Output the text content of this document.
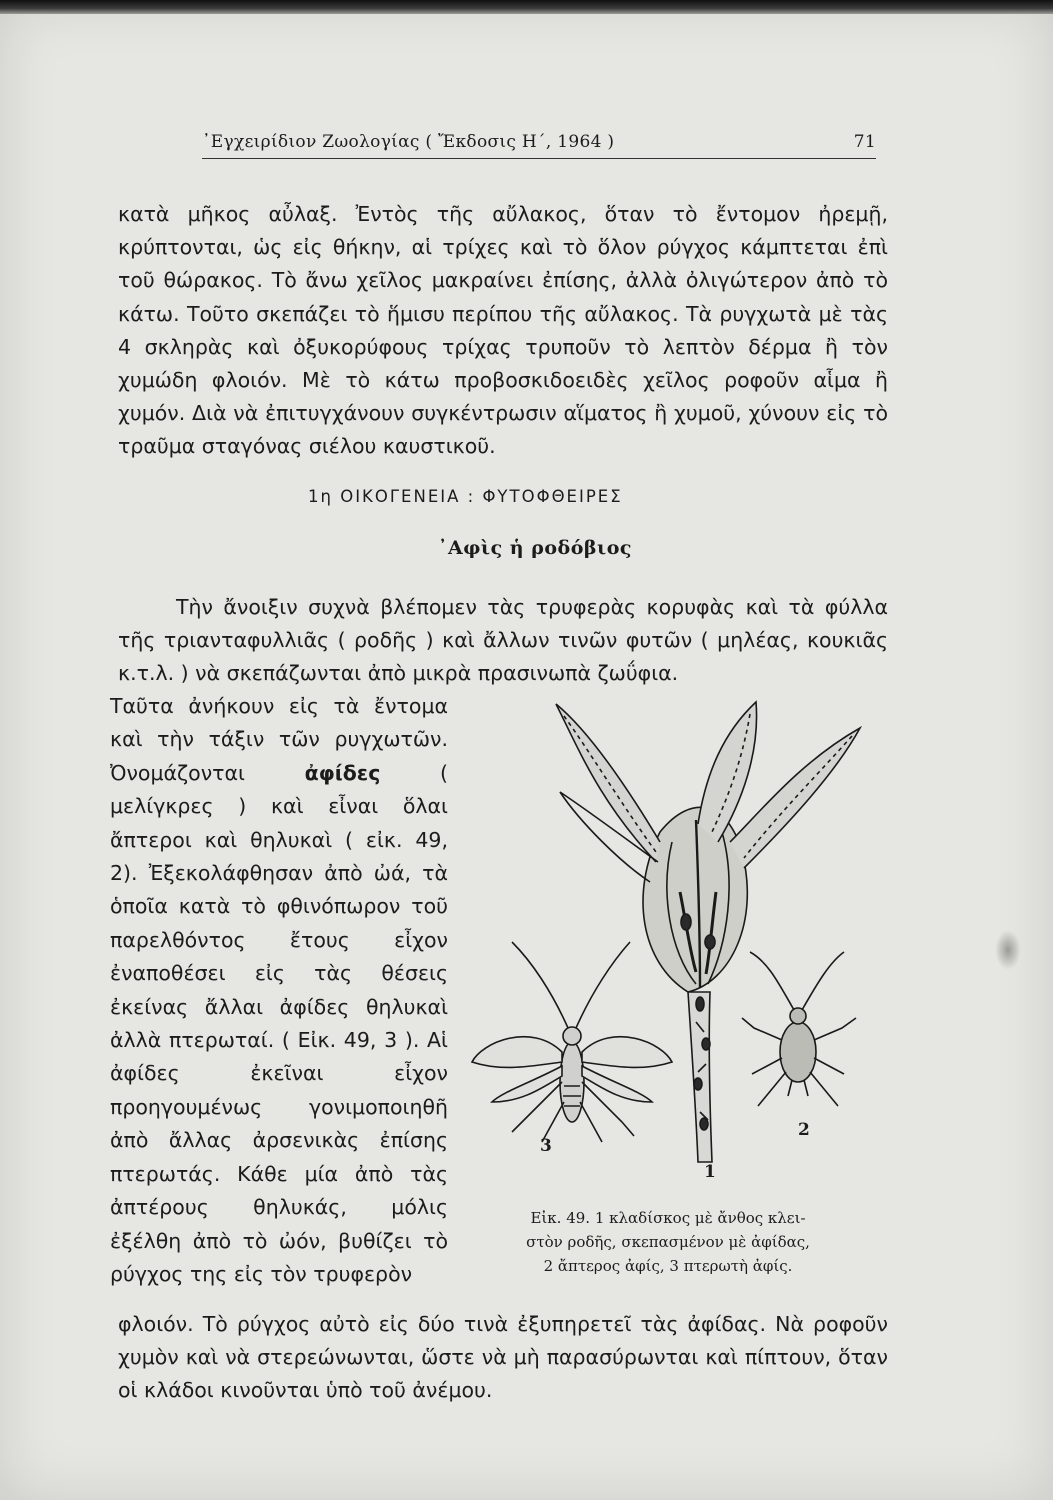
᾿Εγχειρίδιον Ζωολογίας ( Ἔκδοσις Η΄, 1964 )	71
κατὰ μῆκος αὖλαξ. Ἐντὸς τῆς αὔλακος, ὅταν τὸ ἔντομον ἠρεμῇ, κρύπτονται, ὡς εἰς θήκην, αἱ τρίχες καὶ τὸ ὅλον ρύγχος κάμπτεται ἐπὶ τοῦ θώρακος. Τὸ ἄνω χεῖλος μακραίνει ἐπίσης, ἀλλὰ ὀλιγώτερον ἀπὸ τὸ κάτω. Τοῦτο σκεπάζει τὸ ἥμισυ περίπου τῆς αὔλακος. Τὰ ρυγχωτὰ μὲ τὰς 4 σκληρὰς καὶ ὀξυκορύφους τρίχας τρυποῦν τὸ λεπτὸν δέρμα ἢ τὸν χυμώδη φλοιόν. Μὲ τὸ κάτω προβοσκιδοειδὲς χεῖλος ροφοῦν αἷμα ἢ χυμόν. Διὰ νὰ ἐπιτυγχάνουν συγκέντρωσιν αἵματος ἢ χυμοῦ, χύνουν εἰς τὸ τραῦμα σταγόνας σιέλου καυστικοῦ.
1η ΟΙΚΟΓΕΝΕΙΑ : ΦΥΤΟΦΘΕΙΡΕΣ
᾿Αφὶς ἡ ροδόβιος
Τὴν ἄνοιξιν συχνὰ βλέπομεν τὰς τρυφερὰς κορυφὰς καὶ τὰ φύλλα τῆς τριανταφυλλιᾶς ( ροδῆς ) καὶ ἄλλων τινῶν φυτῶν ( μηλέας, κουκιᾶς κ.τ.λ. ) νὰ σκεπάζωνται ἀπὸ μικρὰ πρασινωπὰ ζωΰφια.
Ταῦτα ἀνήκουν εἰς τὰ ἔντομα καὶ τὴν τάξιν τῶν ρυγχωτῶν. Ὀνομάζονται ἀφίδες ( μελίγκρες ) καὶ εἶναι ὅλαι ἄπτεροι καὶ θηλυκαὶ ( εἰκ. 49, 2). Ἐξεκολάφθησαν ἀπὸ ὠά, τὰ ὁποῖα κατὰ τὸ φθινόπωρον τοῦ παρελθόντος ἔτους εἶχον ἐναποθέσει εἰς τὰς θέσεις ἐκείνας ἄλλαι ἀφίδες θηλυκαὶ ἀλλὰ πτερωταί. ( Εἰκ. 49, 3 ). Αἱ ἀφίδες ἐκεῖναι εἶχον προηγουμένως γονιμοποιηθῆ ἀπὸ ἄλλας ἀρσενικὰς ἐπίσης πτερωτάς. Κάθε μία ἀπὸ τὰς ἀπτέρους θηλυκάς, μόλις ἐξέλθη ἀπὸ τὸ ὠόν, βυθίζει τὸ ρύγχος της εἰς τὸν τρυφερὸν
3
1
2
Εἰκ. 49. 1 κλαδίσκος μὲ ἄνθος κλει-
στὸν ροδῆς, σκεπασμένον μὲ ἀφίδας,
2 ἄπτερος ἀφίς, 3 πτερωτὴ ἀφίς.
φλοιόν. Τὸ ρύγχος αὐτὸ εἰς δύο τινὰ ἐξυπηρετεῖ τὰς ἀφίδας. Νὰ ροφοῦν χυμὸν καὶ νὰ στερεώνωνται, ὥστε νὰ μὴ παρασύρωνται καὶ πίπτουν, ὅταν οἱ κλάδοι κινοῦνται ὑπὸ τοῦ ἀνέμου.
